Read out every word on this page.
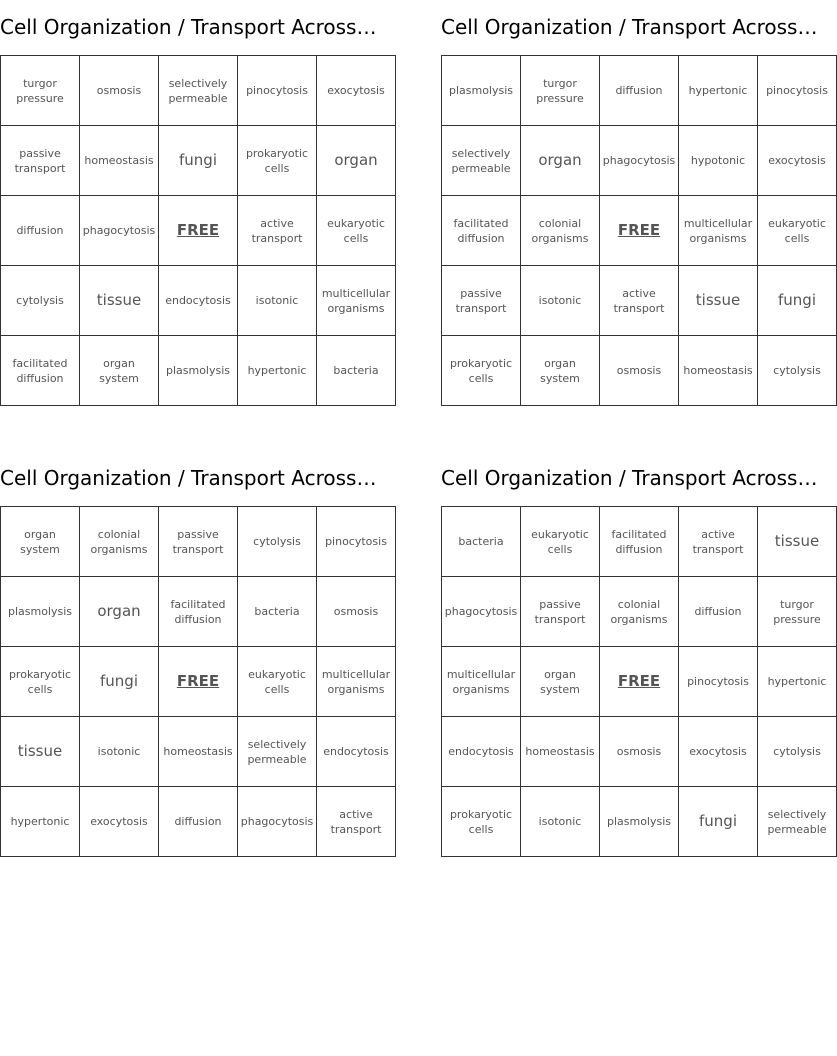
Cell Organization / Transport Across…
turgor pressure	osmosis	selectively permeable	pinocytosis	exocytosis
passive transport	homeostasis	fungi	prokaryotic cells	organ
diffusion	phagocytosis	FREE	active transport	eukaryotic cells
cytolysis	tissue	endocytosis	isotonic	multicellular organisms
facilitated diffusion	organ system	plasmolysis	hypertonic	bacteria
Cell Organization / Transport Across…
plasmolysis	turgor pressure	diffusion	hypertonic	pinocytosis
selectively permeable	organ	phagocytosis	hypotonic	exocytosis
facilitated diffusion	colonial organisms	FREE	multicellular organisms	eukaryotic cells
passive transport	isotonic	active transport	tissue	fungi
prokaryotic cells	organ system	osmosis	homeostasis	cytolysis
Cell Organization / Transport Across…
organ system	colonial organisms	passive transport	cytolysis	pinocytosis
plasmolysis	organ	facilitated diffusion	bacteria	osmosis
prokaryotic cells	fungi	FREE	eukaryotic cells	multicellular organisms
tissue	isotonic	homeostasis	selectively permeable	endocytosis
hypertonic	exocytosis	diffusion	phagocytosis	active transport
Cell Organization / Transport Across…
bacteria	eukaryotic cells	facilitated diffusion	active transport	tissue
phagocytosis	passive transport	colonial organisms	diffusion	turgor pressure
multicellular organisms	organ system	FREE	pinocytosis	hypertonic
endocytosis	homeostasis	osmosis	exocytosis	cytolysis
prokaryotic cells	isotonic	plasmolysis	fungi	selectively permeable
